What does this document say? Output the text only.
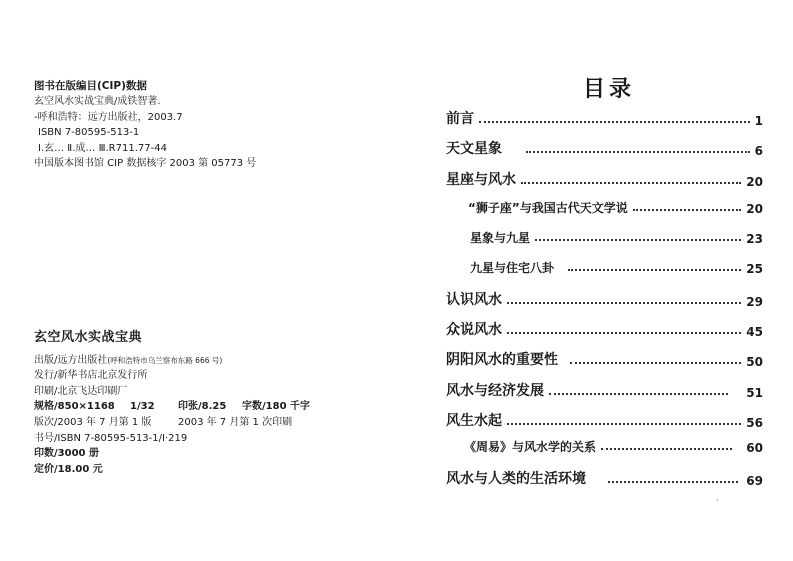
图书在版编目(CIP)数据
玄空风水实战宝典/成铁智著.
-呼和浩特：远方出版社，2003.7
ISBN 7-80595-513-1
Ⅰ.玄… Ⅱ.成… Ⅲ.R711.77-44
中国版本图书馆 CIP 数据核字 2003 第 05773 号
玄空风水实战宝典
出版/远方出版社(呼和浩特市乌兰察布东路 666 号)
发行/新华书店北京发行所
印刷/北京飞达印刷厂
规格/850×1168	1/32	印张/8.25	字数/180 千字
版次/2003 年 7 月第 1 版	2003 年 7 月第 1 次印刷
书号/ISBN 7-80595-513-1/I·219
印数/3000 册
定价/18.00 元
目录
前言	1
天文星象	6
星座与风水	20
“狮子座”与我国古代天文学说	20
星象与九星	23
九星与住宅八卦	25
认识风水	29
众说风水	45
阴阳风水的重要性	50
风水与经济发展	51
风生水起	56
《周易》与风水学的关系	60
风水与人类的生活环境	69
·
